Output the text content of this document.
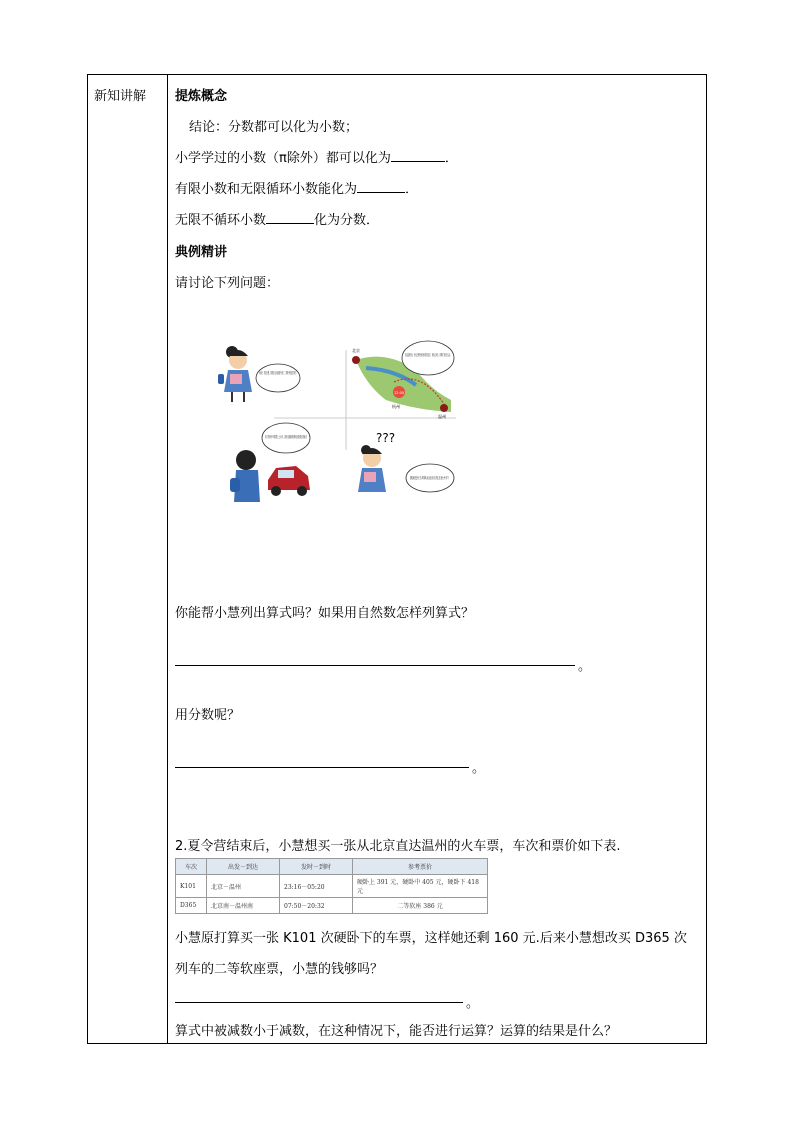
新知讲解 提炼概念
结论：分数都可以化为小数；
小学学过的小数（π除外）都可以化为	．
有限小数和无限循环小数能化为	．
无限不循环小数	化为分数．
典例精讲
请讨论下列问题：
大家好，我是小慧，我要去北京参加夏令营了，我的行程是这样的：
12:00
北京
杭州
温州
先从温州出发，坐大巴到杭州乐坐高铁去北京，到达北京后，再乘坐飞机去大连...
到了杭州开车需要上上大车，我向交通和检票说出我要去的地方 ???
我最近什么时候从北京出发去坐火车？
你能帮小慧列出算式吗？如果用自然数怎样列算式？
。
用分数呢？
。
2.夏令营结束后，小慧想买一张从北京直达温州的火车票，车次和票价如下表.
车次	出发－到达	发时－到时	参考票价
K101	北京－温州	23:16－05:20	硬卧上 391 元，硬卧中 405 元，硬卧下 418 元
D365	北京南－温州南	07:50－20:32	二等软座 386 元
小慧原打算买一张 K101 次硬卧下的车票，这样她还剩 160 元.后来小慧想改买 D365 次
列车的二等软座票，小慧的钱够吗？
。
算式中被减数小于减数，在这种情况下，能否进行运算？运算的结果是什么？
